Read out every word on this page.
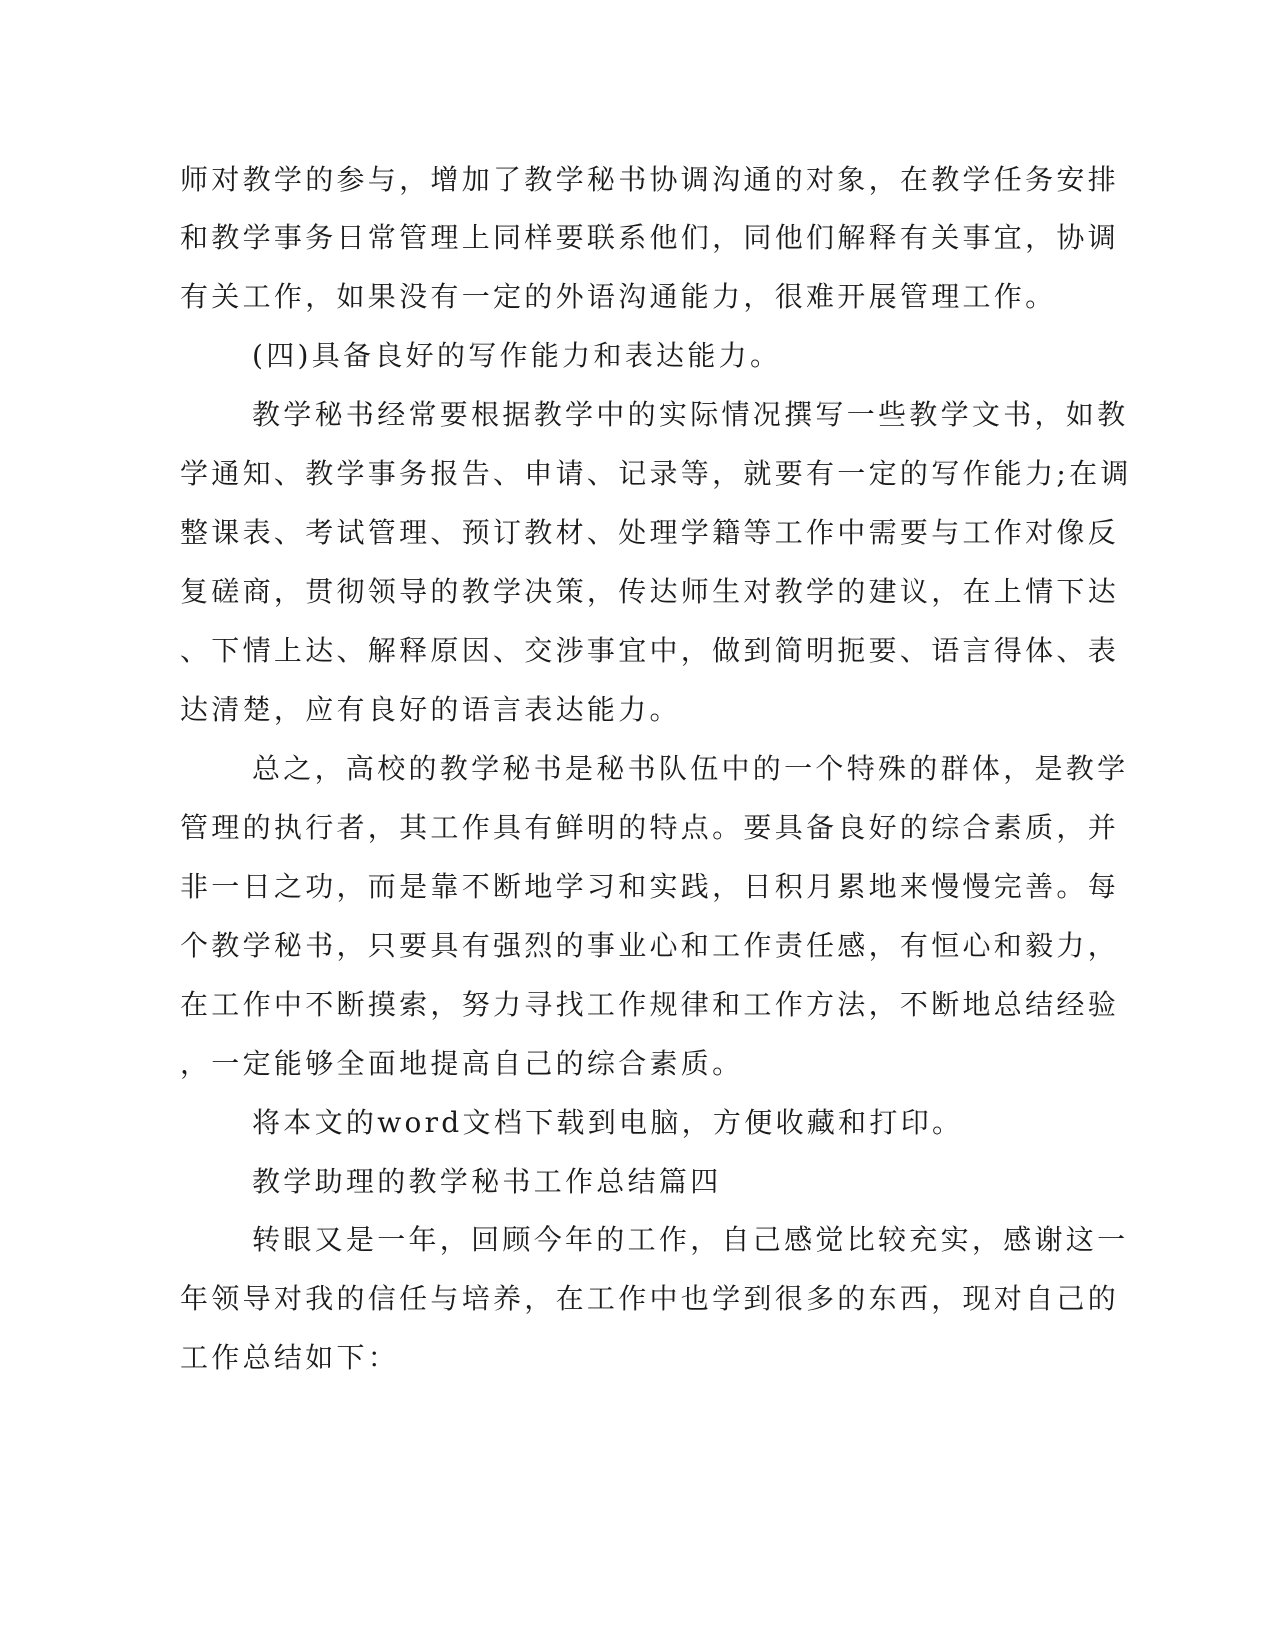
师对教学的参与，增加了教学秘书协调沟通的对象，在教学任务安排
和教学事务日常管理上同样要联系他们，同他们解释有关事宜，协调
有关工作，如果没有一定的外语沟通能力，很难开展管理工作。
(四)具备良好的写作能力和表达能力。
教学秘书经常要根据教学中的实际情况撰写一些教学文书，如教
学通知、教学事务报告、申请、记录等，就要有一定的写作能力;在调
整课表、考试管理、预订教材、处理学籍等工作中需要与工作对像反
复磋商，贯彻领导的教学决策，传达师生对教学的建议，在上情下达
、下情上达、解释原因、交涉事宜中，做到简明扼要、语言得体、表
达清楚，应有良好的语言表达能力。
总之，高校的教学秘书是秘书队伍中的一个特殊的群体，是教学
管理的执行者，其工作具有鲜明的特点。要具备良好的综合素质，并
非一日之功，而是靠不断地学习和实践，日积月累地来慢慢完善。每
个教学秘书，只要具有强烈的事业心和工作责任感，有恒心和毅力，
在工作中不断摸索，努力寻找工作规律和工作方法，不断地总结经验
，一定能够全面地提高自己的综合素质。
将本文的word文档下载到电脑，方便收藏和打印。
教学助理的教学秘书工作总结篇四
转眼又是一年，回顾今年的工作，自己感觉比较充实，感谢这一
年领导对我的信任与培养，在工作中也学到很多的东西，现对自己的
工作总结如下：
